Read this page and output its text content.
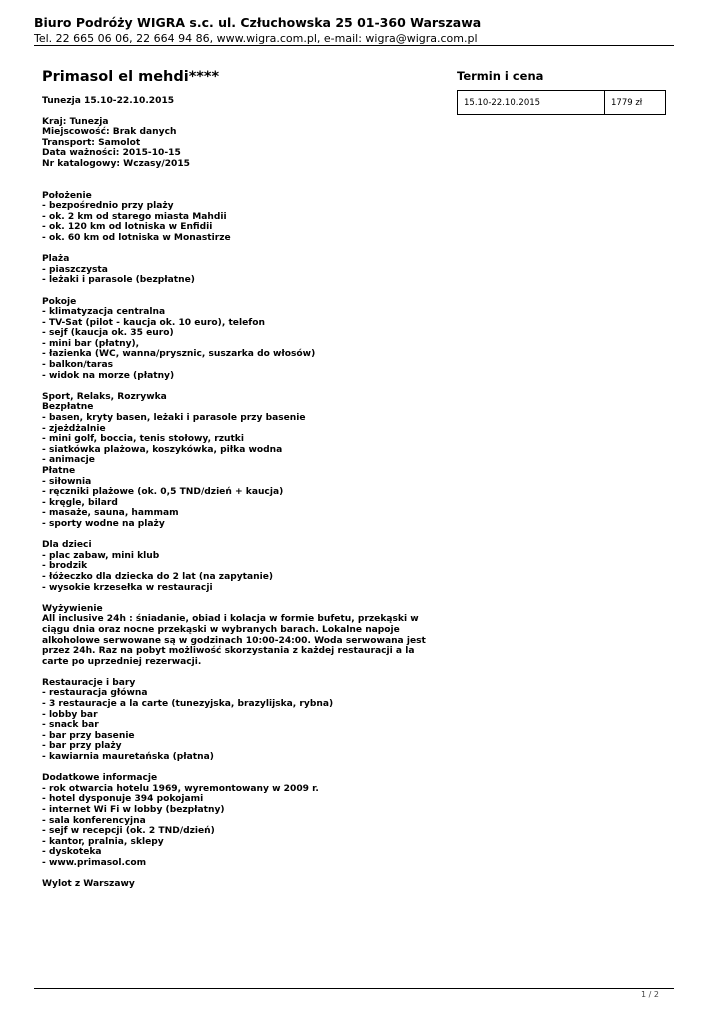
Biuro Podróży WIGRA s.c. ul. Człuchowska 25 01-360 Warszawa
Tel. 22 665 06 06, 22 664 94 86, www.wigra.com.pl, e-mail: wigra@wigra.com.pl
Primasol el mehdi****
Tunezja 15.10-22.10.2015
Kraj: Tunezja
Miejscowość: Brak danych
Transport: Samolot
Data ważności: 2015-10-15
Nr katalogowy: Wczasy/2015
Położenie
- bezpośrednio przy plaży
- ok. 2 km od starego miasta Mahdii
- ok. 120 km od lotniska w Enfidii
- ok. 60 km od lotniska w Monastirze
Plaża
- piaszczysta
- leżaki i parasole (bezpłatne)
Pokoje
- klimatyzacja centralna
- TV-Sat (pilot - kaucja ok. 10 euro), telefon
- sejf (kaucja ok. 35 euro)
- mini bar (płatny),
- łazienka (WC, wanna/prysznic, suszarka do włosów)
- balkon/taras
- widok na morze (płatny)
Sport, Relaks, Rozrywka
Bezpłatne
- basen, kryty basen, leżaki i parasole przy basenie
- zjeżdżalnie
- mini golf, boccia, tenis stołowy, rzutki
- siatkówka plażowa, koszykówka, piłka wodna
- animacje
Płatne
- siłownia
- ręczniki plażowe (ok. 0,5 TND/dzień + kaucja)
- kręgle, bilard
- masaże, sauna, hammam
- sporty wodne na plaży
Dla dzieci
- plac zabaw, mini klub
- brodzik
- łóżeczko dla dziecka do 2 lat (na zapytanie)
- wysokie krzesełka w restauracji
Wyżywienie
All inclusive 24h : śniadanie, obiad i kolacja w formie bufetu, przekąski w ciągu dnia oraz nocne przekąski w wybranych barach. Lokalne napoje alkoholowe serwowane są w godzinach 10:00-24:00. Woda serwowana jest przez 24h. Raz na pobyt możliwość skorzystania z każdej restauracji a la carte po uprzedniej rezerwacji.
Restauracje i bary
- restauracja główna
- 3 restauracje a la carte (tunezyjska, brazylijska, rybna)
- lobby bar
- snack bar
- bar przy basenie
- bar przy plaży
- kawiarnia mauretańska (płatna)
Dodatkowe informacje
- rok otwarcia hotelu 1969, wyremontowany w 2009 r.
- hotel dysponuje 394 pokojami
- internet Wi Fi w lobby (bezpłatny)
- sala konferencyjna
- sejf w recepcji (ok. 2 TND/dzień)
- kantor, pralnia, sklepy
- dyskoteka
- www.primasol.com
Wylot z Warszawy
Termin i cena
15.10-22.10.2015	1779 zł
1 / 2
